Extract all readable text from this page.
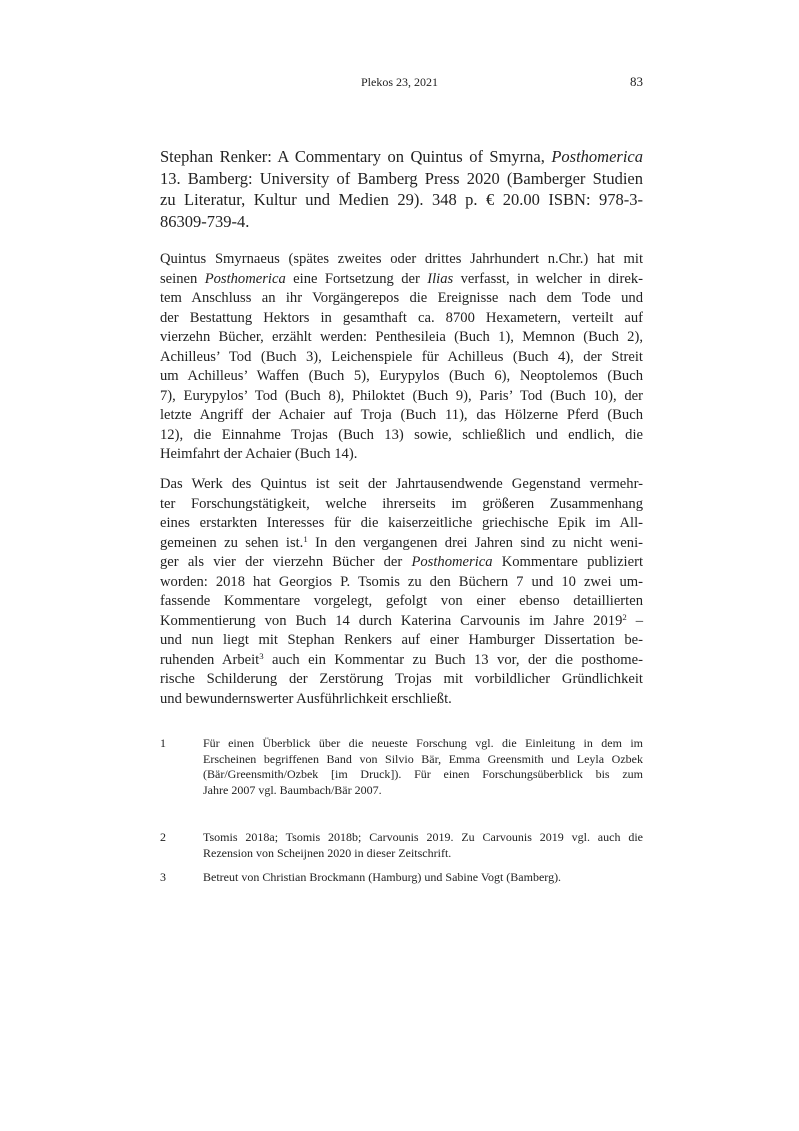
Plekos 23, 2021	83
Stephan Renker: A Commentary on Quintus of Smyrna, Posthomerica
13. Bamberg: University of Bamberg Press 2020 (Bamberger Studien
zu Literatur, Kultur und Medien 29). 348 p. € 20.00 ISBN: 978-3-
86309-739-4.
Quintus Smyrnaeus (spätes zweites oder drittes Jahrhundert n.Chr.) hat mit
seinen Posthomerica eine Fortsetzung der Ilias verfasst, in welcher in direk-
tem Anschluss an ihr Vorgängerepos die Ereignisse nach dem Tode und
der Bestattung Hektors in gesamthaft ca. 8700 Hexametern, verteilt auf
vierzehn Bücher, erzählt werden: Penthesileia (Buch 1), Memnon (Buch 2),
Achilleus’ Tod (Buch 3), Leichenspiele für Achilleus (Buch 4), der Streit
um Achilleus’ Waffen (Buch 5), Eurypylos (Buch 6), Neoptolemos (Buch
7), Eurypylos’ Tod (Buch 8), Philoktet (Buch 9), Paris’ Tod (Buch 10), der
letzte Angriff der Achaier auf Troja (Buch 11), das Hölzerne Pferd (Buch
12), die Einnahme Trojas (Buch 13) sowie, schließlich und endlich, die
Heimfahrt der Achaier (Buch 14).
Das Werk des Quintus ist seit der Jahrtausendwende Gegenstand vermehr-
ter Forschungstätigkeit, welche ihrerseits im größeren Zusammenhang
eines erstarkten Interesses für die kaiserzeitliche griechische Epik im All-
gemeinen zu sehen ist.$^1$ In den vergangenen drei Jahren sind zu nicht weni-
ger als vier der vierzehn Bücher der Posthomerica Kommentare publiziert
worden: 2018 hat Georgios P. Tsomis zu den Büchern 7 und 10 zwei um-
fassende Kommentare vorgelegt, gefolgt von einer ebenso detaillierten
Kommentierung von Buch 14 durch Katerina Carvounis im Jahre 2019$^2$ –
und nun liegt mit Stephan Renkers auf einer Hamburger Dissertation be-
ruhenden Arbeit$^3$ auch ein Kommentar zu Buch 13 vor, der die posthome-
rische Schilderung der Zerstörung Trojas mit vorbildlicher Gründlichkeit
und bewundernswerter Ausführlichkeit erschließt.
1	Für einen Überblick über die neueste Forschung vgl. die Einleitung in dem im
Erscheinen begriffenen Band von Silvio Bär, Emma Greensmith und Leyla Ozbek
(Bär/Greensmith/Ozbek [im Druck]). Für einen Forschungsüberblick bis zum
Jahre 2007 vgl. Baumbach/Bär 2007.
2	Tsomis 2018a; Tsomis 2018b; Carvounis 2019. Zu Carvounis 2019 vgl. auch die
Rezension von Scheijnen 2020 in dieser Zeitschrift.
3	Betreut von Christian Brockmann (Hamburg) und Sabine Vogt (Bamberg).
